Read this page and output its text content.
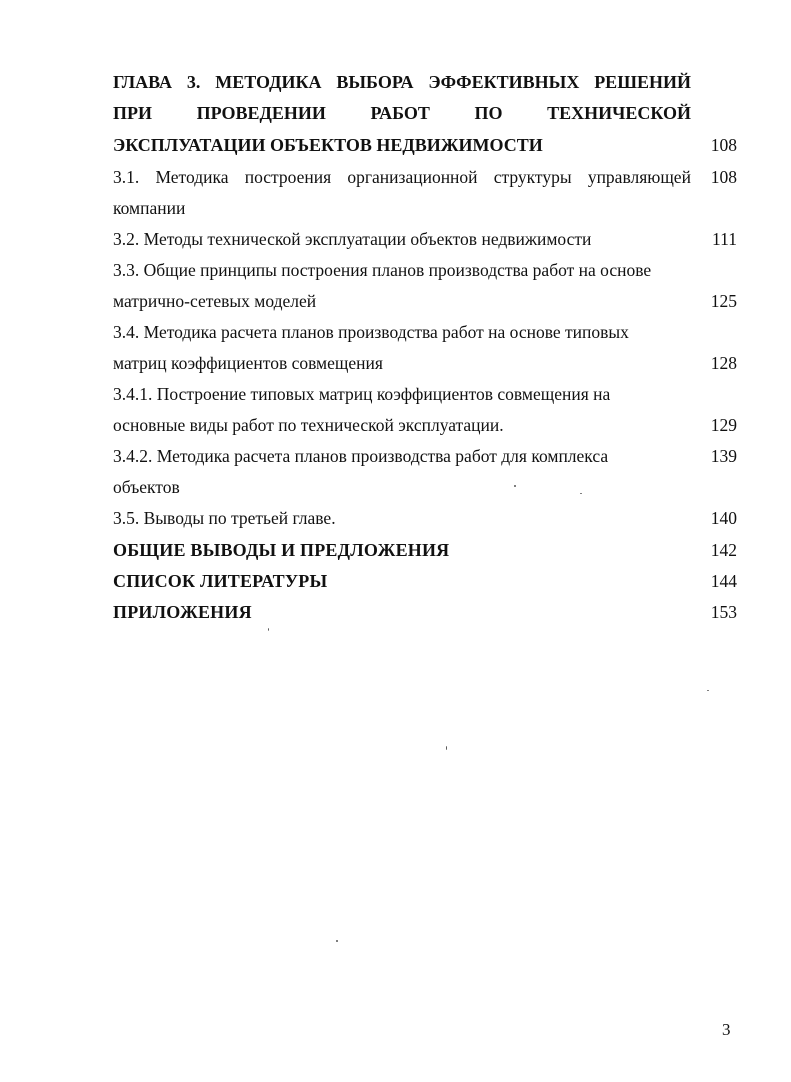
ГЛАВА 3. МЕТОДИКА ВЫБОРА ЭФФЕКТИВНЫХ РЕШЕНИЙ
ПРИ ПРОВЕДЕНИИ РАБОТ ПО ТЕХНИЧЕСКОЙ
ЭКСПЛУАТАЦИИ ОБЪЕКТОВ НЕДВИЖИМОСТИ	108
3.1. Методика построения организационной структуры управляющей 108
компании
3.2. Методы технической эксплуатации объектов недвижимости	111
3.3. Общие принципы построения планов производства работ на основе
матрично-сетевых моделей	125
3.4. Методика расчета планов производства работ на основе типовых
матриц коэффициентов совмещения	128
3.4.1. Построение типовых матриц коэффициентов совмещения на
основные виды работ по технической эксплуатации.	129
3.4.2. Методика расчета планов производства работ для комплекса	139
объектов
3.5. Выводы по третьей главе.	140
ОБЩИЕ ВЫВОДЫ И ПРЕДЛОЖЕНИЯ	142
СПИСОК ЛИТЕРАТУРЫ	144
ПРИЛОЖЕНИЯ	153
3
